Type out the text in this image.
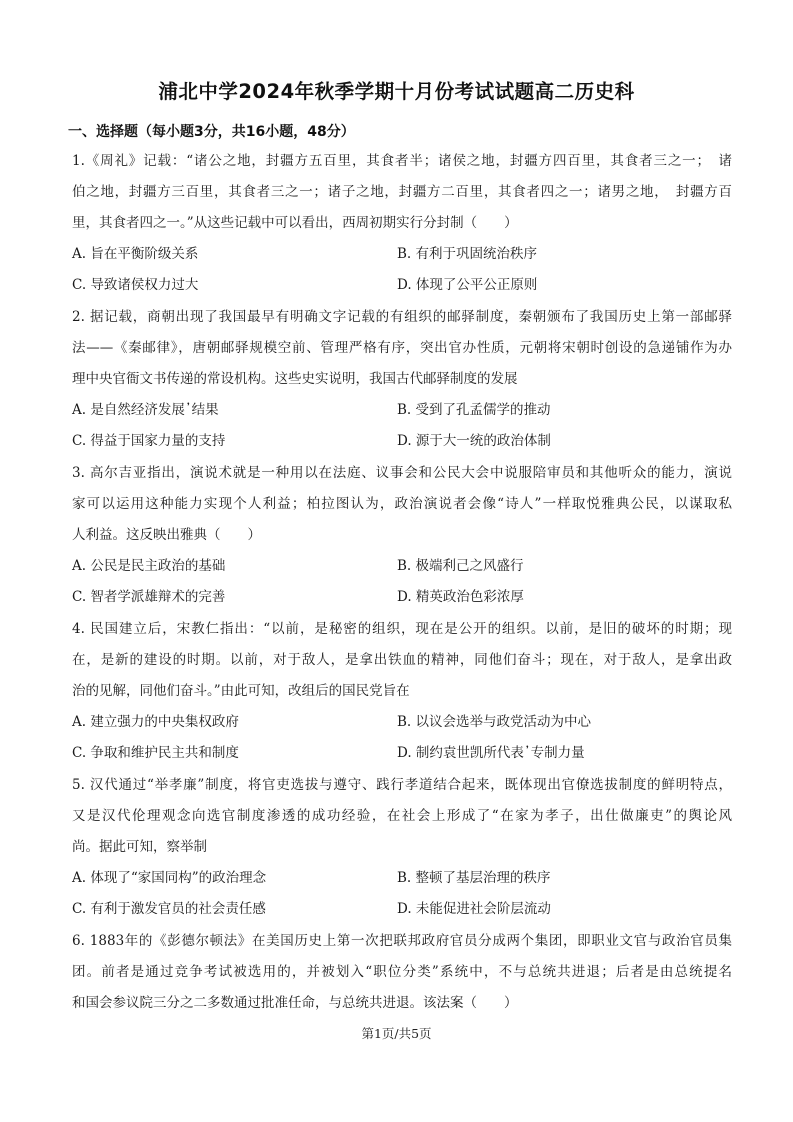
浦北中学2024年秋季学期十月份考试试题高二历史科
一、选择题（每小题3分，共16小题，48分）
1.《周礼》记载：“诸公之地，封疆方五百里，其食者半；诸侯之地，封疆方四百里，其食者三之一；　诸
伯之地，封疆方三百里，其食者三之一；诸子之地，封疆方二百里，其食者四之一；诸男之地，　封疆方百
里，其食者四之一。”从这些记载中可以看出，西周初期实行分封制（　　）
A. 旨在平衡阶级关系	B. 有利于巩固统治秩序
C. 导致诸侯权力过大	D. 体现了公平公正原则
2. 据记载，商朝出现了我国最早有明确文字记载的有组织的邮驿制度，秦朝颁布了我国历史上第一部邮驿
法——《秦邮律》，唐朝邮驿规模空前、管理严格有序，突出官办性质，元朝将宋朝时创设的急递铺作为办
理中央官衙文书传递的常设机构。这些史实说明，我国古代邮驿制度的发展
A. 是自然经济发展᾿结果	B. 受到了孔孟儒学的推动
C. 得益于国家力量的支持	D. 源于大一统的政治体制
3. 高尔吉亚指出，演说术就是一种用以在法庭、议事会和公民大会中说服陪审员和其他听众的能力，演说
家可以运用这种能力实现个人利益；柏拉图认为，政治演说者会像“诗人”一样取悦雅典公民，以谋取私
人利益。这反映出雅典（　　）
A. 公民是民主政治的基础	B. 极端利己之风盛行
C. 智者学派雄辩术的完善	D. 精英政治色彩浓厚
4. 民国建立后，宋教仁指出：“以前，是秘密的组织，现在是公开的组织。以前，是旧的破坏的时期；现
在，是新的建设的时期。以前，对于敌人，是拿出铁血的精神，同他们奋斗；现在，对于敌人，是拿出政
治的见解，同他们奋斗。”由此可知，改组后的国民党旨在
A. 建立强力的中央集权政府	B. 以议会选举与政党活动为中心
C. 争取和维护民主共和制度	D. 制约袁世凯所代表᾿专制力量
5. 汉代通过“举孝廉”制度，将官吏选拔与遵守、践行孝道结合起来，既体现出官僚选拔制度的鲜明特点，
又是汉代伦理观念向选官制度渗透的成功经验，在社会上形成了“在家为孝子，出仕做廉吏”的舆论风
尚。据此可知，察举制
A. 体现了“家国同构”的政治理念	B. 整顿了基层治理的秩序
C. 有利于激发官员的社会责任感	D. 未能促进社会阶层流动
6. 1883年的《彭德尔顿法》在美国历史上第一次把联邦政府官员分成两个集团，即职业文官与政治官员集
团。前者是通过竞争考试被选用的，并被划入“职位分类”系统中，不与总统共进退；后者是由总统提名
和国会参议院三分之二多数通过批准任命，与总统共进退。该法案（　　）
第1页/共5页
